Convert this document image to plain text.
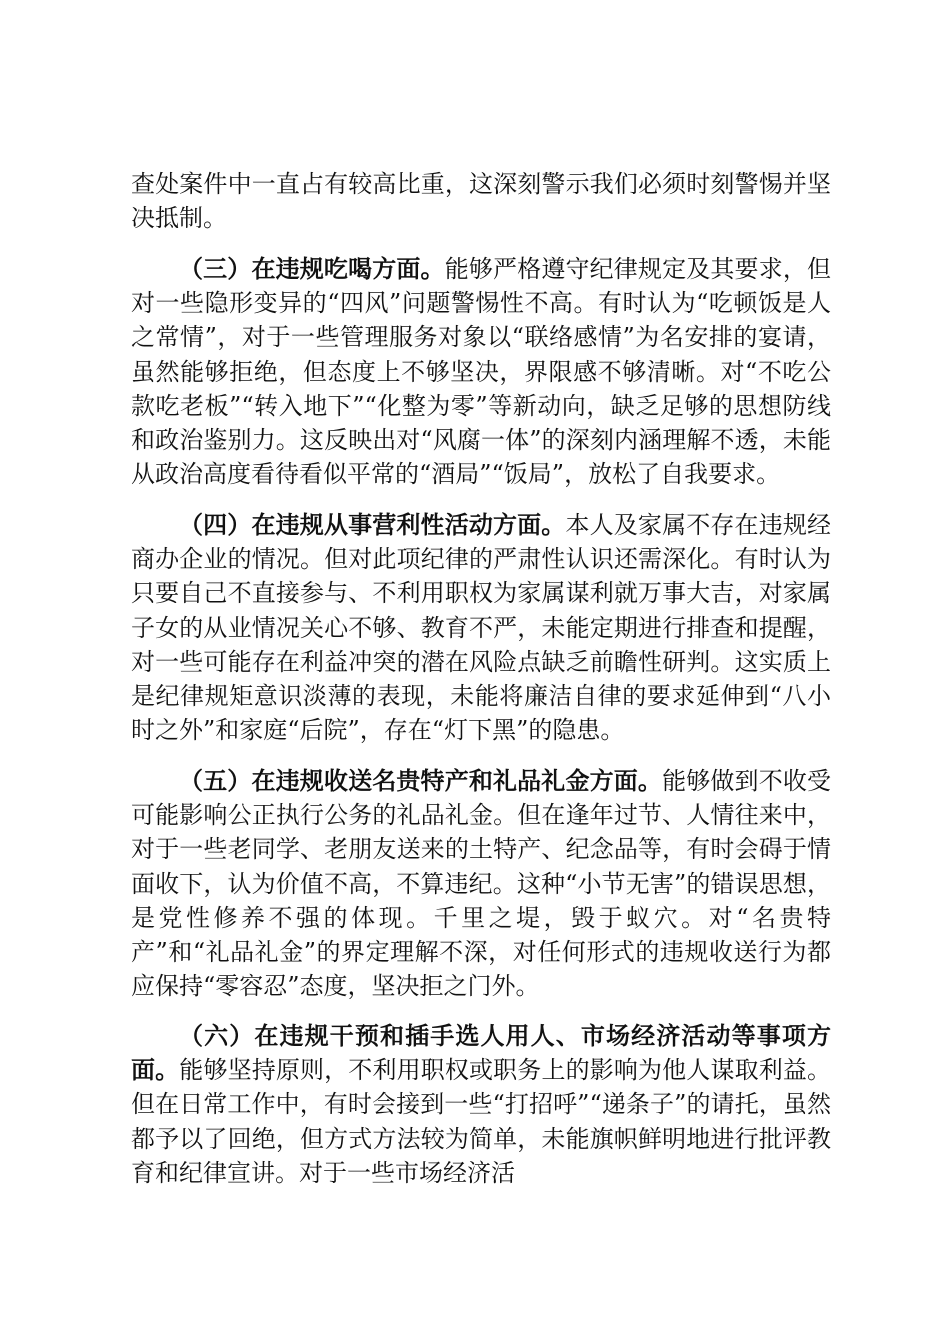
查处案件中一直占有较高比重，这深刻警示我们必须时刻警惕并坚决抵制。

（三）在违规吃喝方面。能够严格遵守纪律规定及其要求，但对一些隐形变异的“四风”问题警惕性不高。有时认为“吃顿饭是人之常情”，对于一些管理服务对象以“联络感情”为名安排的宴请，虽然能够拒绝，但态度上不够坚决，界限感不够清晰。对“不吃公款吃老板”“转入地下”“化整为零”等新动向，缺乏足够的思想防线和政治鉴别力。这反映出对“风腐一体”的深刻内涵理解不透，未能从政治高度看待看似平常的“酒局”“饭局”，放松了自我要求。

（四）在违规从事营利性活动方面。本人及家属不存在违规经商办企业的情况。但对此项纪律的严肃性认识还需深化。有时认为只要自己不直接参与、不利用职权为家属谋利就万事大吉，对家属子女的从业情况关心不够、教育不严，未能定期进行排查和提醒，对一些可能存在利益冲突的潜在风险点缺乏前瞻性研判。这实质上是纪律规矩意识淡薄的表现，未能将廉洁自律的要求延伸到“八小时之外”和家庭“后院”，存在“灯下黑”的隐患。

（五）在违规收送名贵特产和礼品礼金方面。能够做到不收受可能影响公正执行公务的礼品礼金。但在逢年过节、人情往来中，对于一些老同学、老朋友送来的土特产、纪念品等，有时会碍于情面收下，认为价值不高，不算违纪。这种“小节无害”的错误思想，是党性修养不强的体现。千里之堤，毁于蚁穴。对“名贵特产”和“礼品礼金”的界定理解不深，对任何形式的违规收送行为都应保持“零容忍”态度，坚决拒之门外。

（六）在违规干预和插手选人用人、市场经济活动等事项方面。能够坚持原则，不利用职权或职务上的影响为他人谋取利益。但在日常工作中，有时会接到一些“打招呼”“递条子”的请托，虽然都予以了回绝，但方式方法较为简单，未能旗帜鲜明地进行批评教育和纪律宣讲。对于一些市场经济活
